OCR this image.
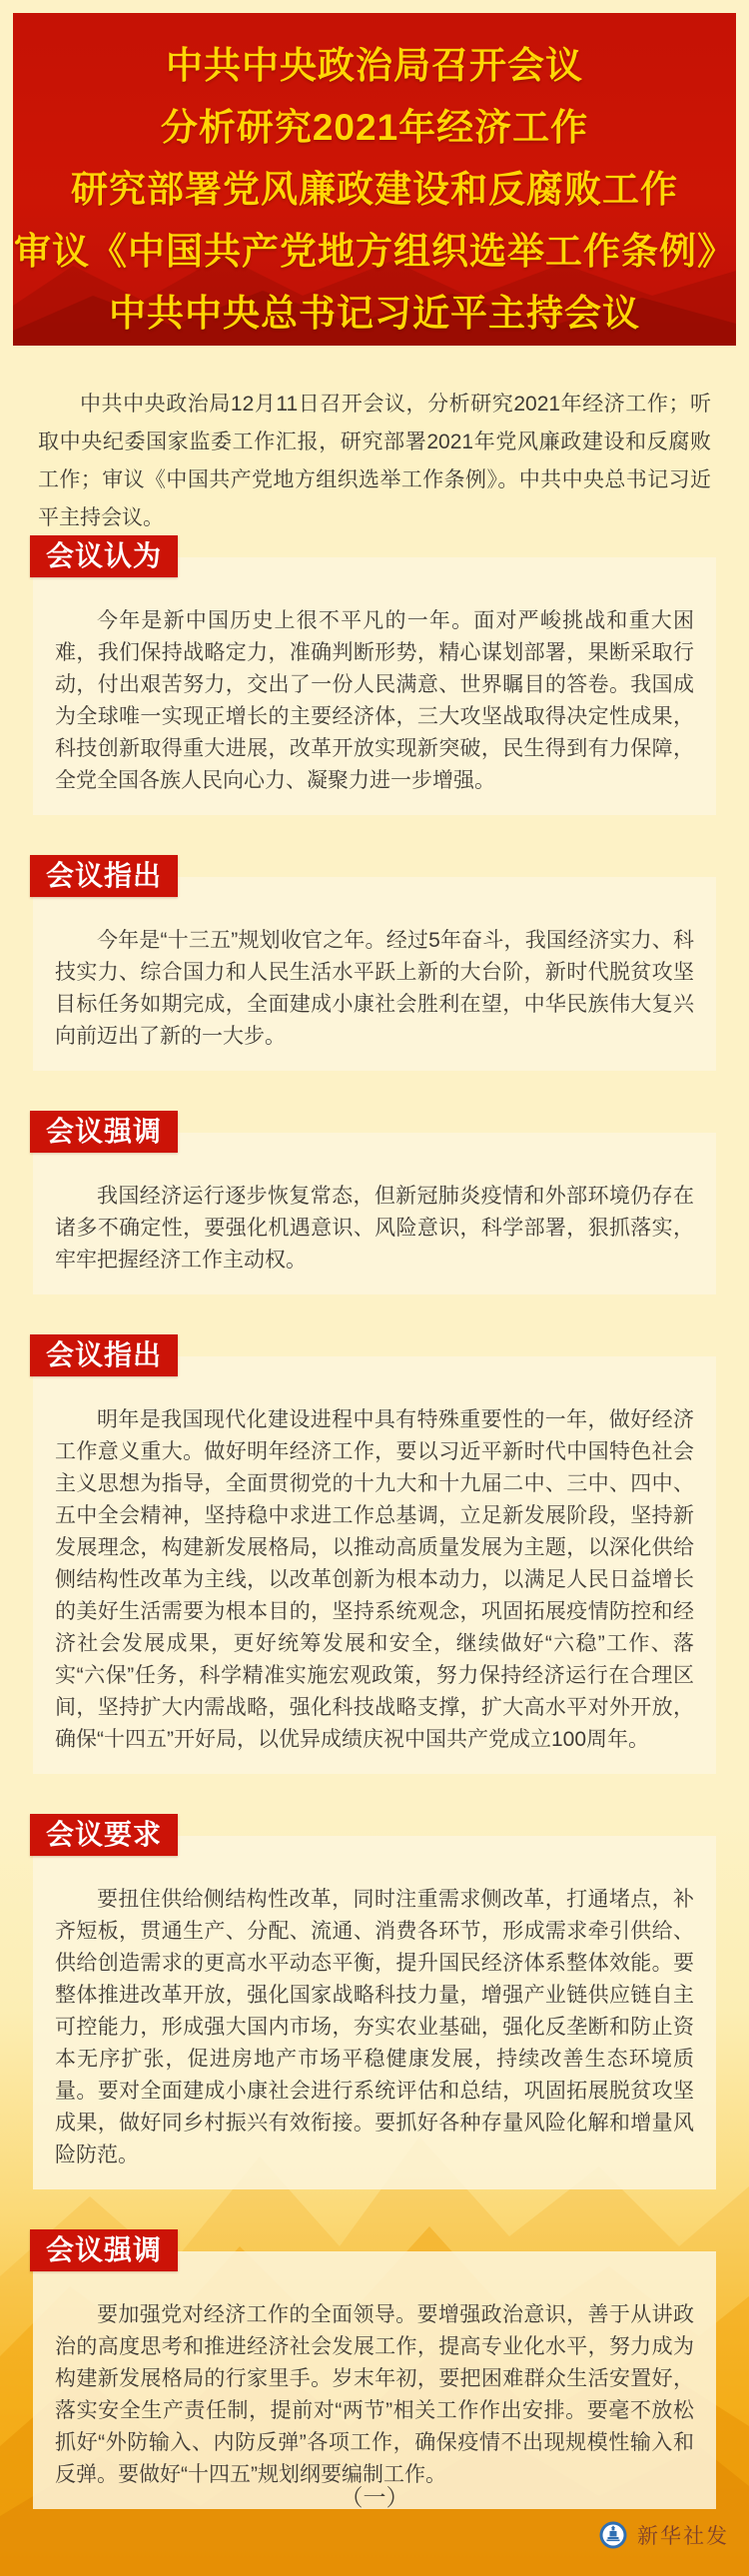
中共中央政治局召开会议
分析研究2021年经济工作
研究部署党风廉政建设和反腐败工作
审议《中国共产党地方组织选举工作条例》
中共中央总书记习近平主持会议

中共中央政治局12月11日召开会议，分析研究2021年经济工作；听取中央纪委国家监委工作汇报，研究部署2021年党风廉政建设和反腐败工作；审议《中国共产党地方组织选举工作条例》。中共中央总书记习近平主持会议。

会议认为

今年是新中国历史上很不平凡的一年。面对严峻挑战和重大困难，我们保持战略定力，准确判断形势，精心谋划部署，果断采取行动，付出艰苦努力，交出了一份人民满意、世界瞩目的答卷。我国成为全球唯一实现正增长的主要经济体，三大攻坚战取得决定性成果，科技创新取得重大进展，改革开放实现新突破，民生得到有力保障，全党全国各族人民向心力、凝聚力进一步增强。

会议指出

今年是“十三五”规划收官之年。经过5年奋斗，我国经济实力、科技实力、综合国力和人民生活水平跃上新的大台阶，新时代脱贫攻坚目标任务如期完成，全面建成小康社会胜利在望，中华民族伟大复兴向前迈出了新的一大步。

会议强调

我国经济运行逐步恢复常态，但新冠肺炎疫情和外部环境仍存在诸多不确定性，要强化机遇意识、风险意识，科学部署，狠抓落实，牢牢把握经济工作主动权。

会议指出

明年是我国现代化建设进程中具有特殊重要性的一年，做好经济工作意义重大。做好明年经济工作，要以习近平新时代中国特色社会主义思想为指导，全面贯彻党的十九大和十九届二中、三中、四中、五中全会精神，坚持稳中求进工作总基调，立足新发展阶段，坚持新发展理念，构建新发展格局，以推动高质量发展为主题，以深化供给侧结构性改革为主线，以改革创新为根本动力，以满足人民日益增长的美好生活需要为根本目的，坚持系统观念，巩固拓展疫情防控和经济社会发展成果，更好统筹发展和安全，继续做好“六稳”工作、落实“六保”任务，科学精准实施宏观政策，努力保持经济运行在合理区间，坚持扩大内需战略，强化科技战略支撑，扩大高水平对外开放，确保“十四五”开好局，以优异成绩庆祝中国共产党成立100周年。

会议要求

要扭住供给侧结构性改革，同时注重需求侧改革，打通堵点，补齐短板，贯通生产、分配、流通、消费各环节，形成需求牵引供给、供给创造需求的更高水平动态平衡，提升国民经济体系整体效能。要整体推进改革开放，强化国家战略科技力量，增强产业链供应链自主可控能力，形成强大国内市场，夯实农业基础，强化反垄断和防止资本无序扩张，促进房地产市场平稳健康发展，持续改善生态环境质量。要对全面建成小康社会进行系统评估和总结，巩固拓展脱贫攻坚成果，做好同乡村振兴有效衔接。要抓好各种存量风险化解和增量风险防范。

会议强调

要加强党对经济工作的全面领导。要增强政治意识，善于从讲政治的高度思考和推进经济社会发展工作，提高专业化水平，努力成为构建新发展格局的行家里手。岁末年初，要把困难群众生活安置好，落实安全生产责任制，提前对“两节”相关工作作出安排。要毫不放松抓好“外防输入、内防反弹”各项工作，确保疫情不出现规模性输入和反弹。要做好“十四五”规划纲要编制工作。

（一）
新华社发
